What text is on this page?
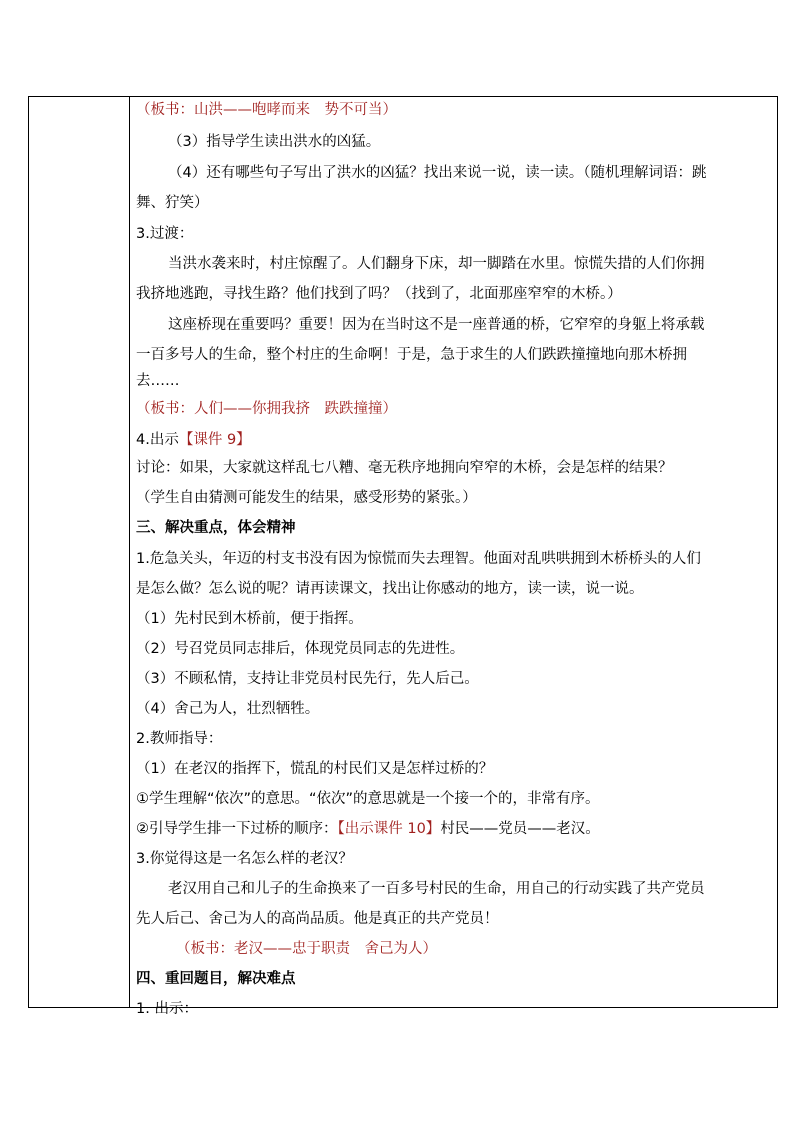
（板书：山洪——咆哮而来　势不可当）
（3）指导学生读出洪水的凶猛。
（4）还有哪些句子写出了洪水的凶猛？找出来说一说，读一读。（随机理解词语：跳
舞、狞笑）
3.过渡：
当洪水袭来时，村庄惊醒了。人们翻身下床，却一脚踏在水里。惊慌失措的人们你拥
我挤地逃跑，寻找生路？他们找到了吗？（找到了，北面那座窄窄的木桥。）
这座桥现在重要吗？重要！因为在当时这不是一座普通的桥，它窄窄的身躯上将承载
一百多号人的生命，整个村庄的生命啊！于是，急于求生的人们跌跌撞撞地向那木桥拥
去……
（板书：人们——你拥我挤　跌跌撞撞）
4.出示【课件 9】
讨论：如果，大家就这样乱七八糟、毫无秩序地拥向窄窄的木桥，会是怎样的结果？
（学生自由猜测可能发生的结果，感受形势的紧张。）
三、解决重点，体会精神
1.危急关头，年迈的村支书没有因为惊慌而失去理智。他面对乱哄哄拥到木桥桥头的人们
是怎么做？怎么说的呢？请再读课文，找出让你感动的地方，读一读，说一说。
（1）先村民到木桥前，便于指挥。
（2）号召党员同志排后，体现党员同志的先进性。
（3）不顾私情，支持让非党员村民先行，先人后己。
（4）舍己为人，壮烈牺牲。
2.教师指导：
（1）在老汉的指挥下，慌乱的村民们又是怎样过桥的？
①学生理解“依次”的意思。“依次”的意思就是一个接一个的，非常有序。
②引导学生排一下过桥的顺序：【出示课件 10】村民——党员——老汉。
3.你觉得这是一名怎么样的老汉？
老汉用自己和儿子的生命换来了一百多号村民的生命，用自己的行动实践了共产党员
先人后己、舍己为人的高尚品质。他是真正的共产党员！
（板书：老汉——忠于职责　舍己为人）
四、重回题目，解决难点
1. 出示：
